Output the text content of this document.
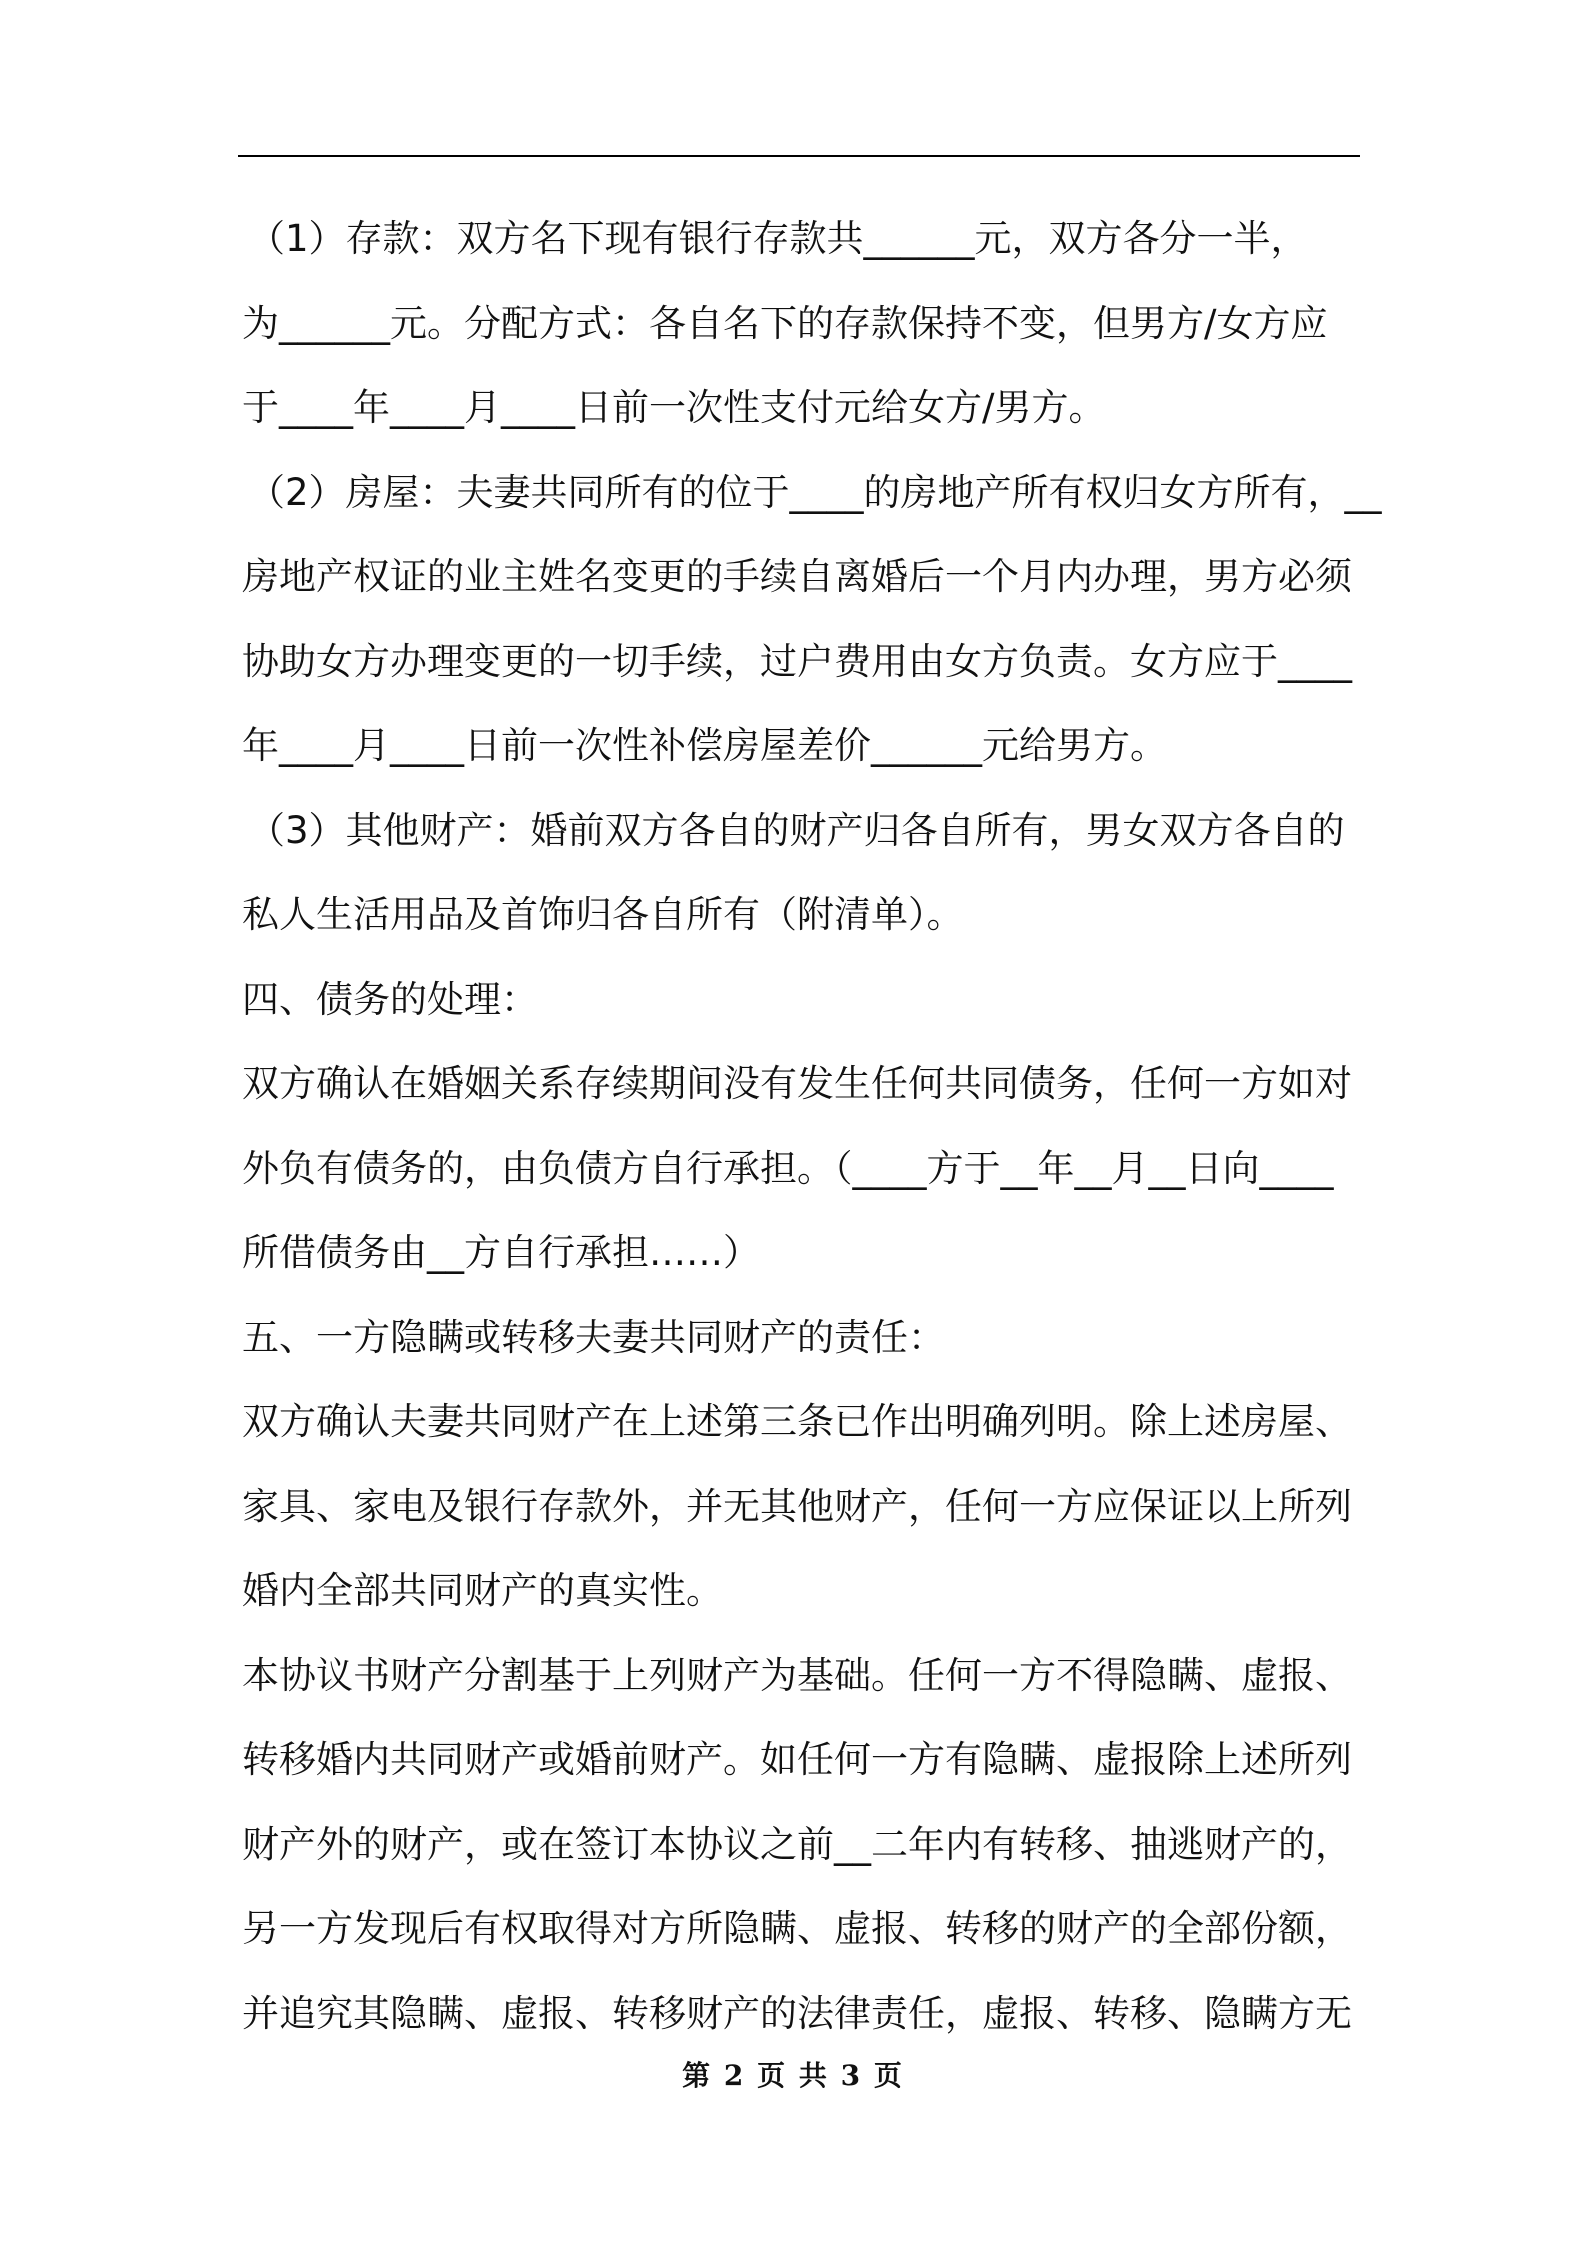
（1）存款：双方名下现有银行存款共______元，双方各分一半，
为______元。分配方式：各自名下的存款保持不变，但男方/女方应
于____年____月____日前一次性支付元给女方/男方。
（2）房屋：夫妻共同所有的位于____的房地产所有权归女方所有，__
房地产权证的业主姓名变更的手续自离婚后一个月内办理，男方必须
协助女方办理变更的一切手续，过户费用由女方负责。女方应于____
年____月____日前一次性补偿房屋差价______元给男方。
（3）其他财产：婚前双方各自的财产归各自所有，男女双方各自的
私人生活用品及首饰归各自所有（附清单）。
四、债务的处理：
双方确认在婚姻关系存续期间没有发生任何共同债务，任何一方如对
外负有债务的，由负债方自行承担。（____方于__年__月__日向____
所借债务由__方自行承担……）
五、一方隐瞒或转移夫妻共同财产的责任：
双方确认夫妻共同财产在上述第三条已作出明确列明。除上述房屋、
家具、家电及银行存款外，并无其他财产，任何一方应保证以上所列
婚内全部共同财产的真实性。
本协议书财产分割基于上列财产为基础。任何一方不得隐瞒、虚报、
转移婚内共同财产或婚前财产。如任何一方有隐瞒、虚报除上述所列
财产外的财产，或在签订本协议之前__二年内有转移、抽逃财产的，
另一方发现后有权取得对方所隐瞒、虚报、转移的财产的全部份额，
并追究其隐瞒、虚报、转移财产的法律责任，虚报、转移、隐瞒方无
第 2 页 共 3 页
